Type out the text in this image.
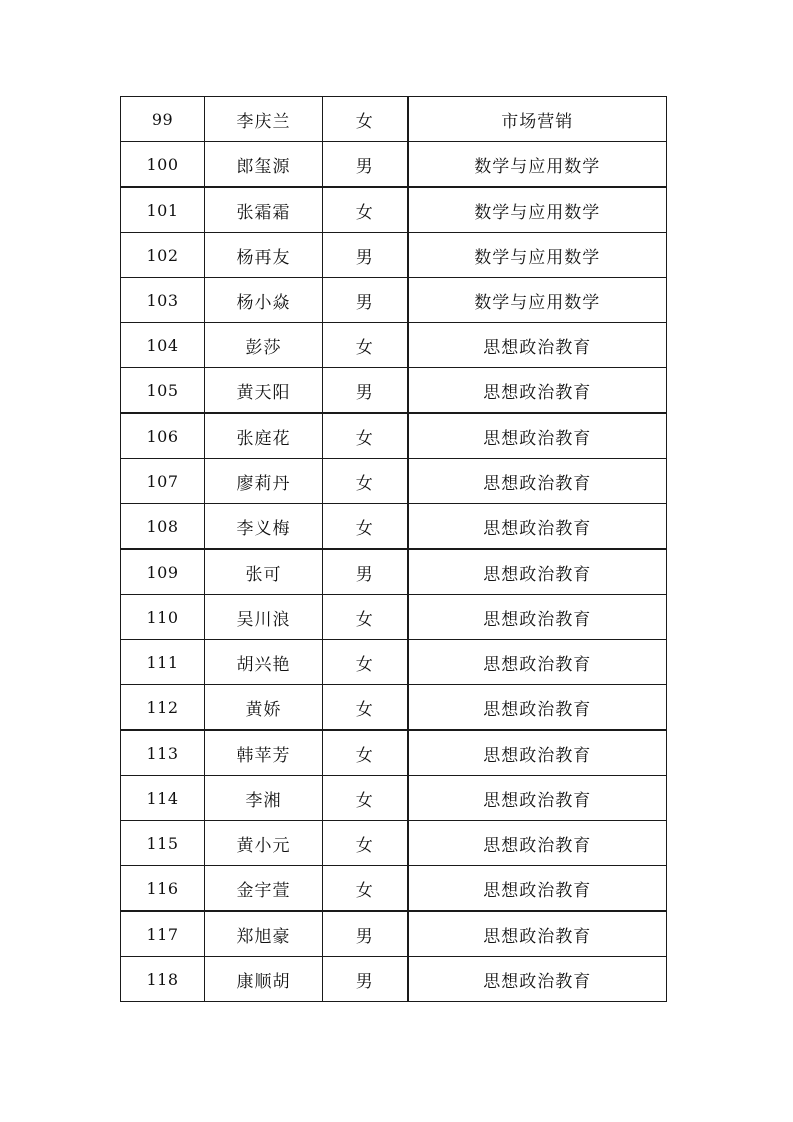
99	李庆兰	女	市场营销
100	郎玺源	男	数学与应用数学
101	张霜霜	女	数学与应用数学
102	杨再友	男	数学与应用数学
103	杨小焱	男	数学与应用数学
104	彭莎	女	思想政治教育
105	黄天阳	男	思想政治教育
106	张庭花	女	思想政治教育
107	廖莉丹	女	思想政治教育
108	李义梅	女	思想政治教育
109	张可	男	思想政治教育
110	吴川浪	女	思想政治教育
111	胡兴艳	女	思想政治教育
112	黄娇	女	思想政治教育
113	韩苹芳	女	思想政治教育
114	李湘	女	思想政治教育
115	黄小元	女	思想政治教育
116	金宇萱	女	思想政治教育
117	郑旭豪	男	思想政治教育
118	康顺胡	男	思想政治教育
